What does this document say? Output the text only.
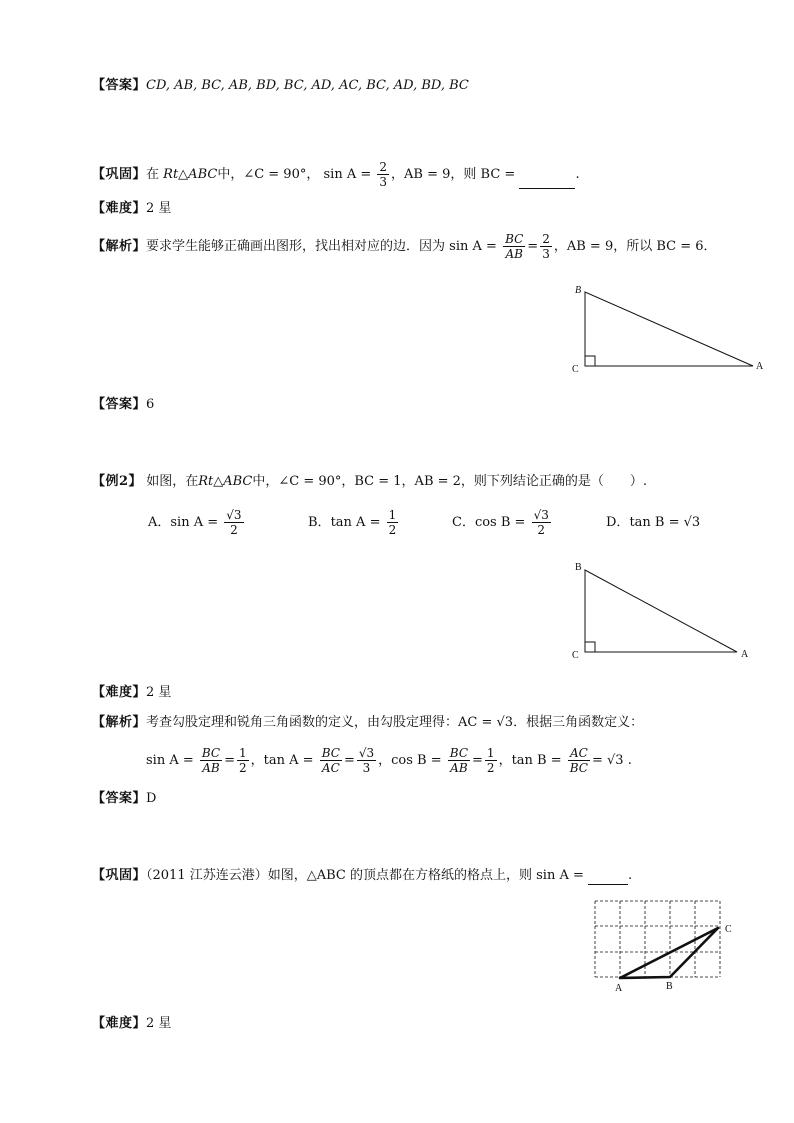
【答案】CD, AB, BC, AB, BD, BC, AD, AC, BC, AD, BD, BC
【巩固】在 Rt△ABC中，∠C = 90°， $\sin A = \frac{2}{3}$ ，AB = 9，则 BC =	.
【难度】2 星
【解析】要求学生能够正确画出图形，找出相对应的边．因为 $\sin A = \frac{BC}{AB} = \frac{2}{3}$ ，AB = 9，所以 BC = 6．
B
C	A
【答案】6
【例2】 如图，在Rt△ABC中，∠C = 90°，BC = 1，AB = 2，则下列结论正确的是（　　）.
A．$\sin A = \frac{√3}{2}$	B．$\tan A = \frac{1}{2}$	C．$\cos B = \frac{√3}{2}$	D．tan B = √3
B
C	A
【难度】2 星
【解析】考查勾股定理和锐角三角函数的定义，由勾股定理得：AC = √3．根据三角函数定义：
$\sin A = \frac{BC}{AB} = \frac{1}{2}$ ，$\tan A = \frac{BC}{AC} = \frac{√3}{3}$ ，$\cos B = \frac{BC}{AB} = \frac{1}{2}$ ，$\tan B = \frac{AC}{BC} = √3$ .
【答案】D
【巩固】（2011 江苏连云港）如图，△ABC 的顶点都在方格纸的格点上，则 sin A =	.
A	B
C
【难度】2 星
